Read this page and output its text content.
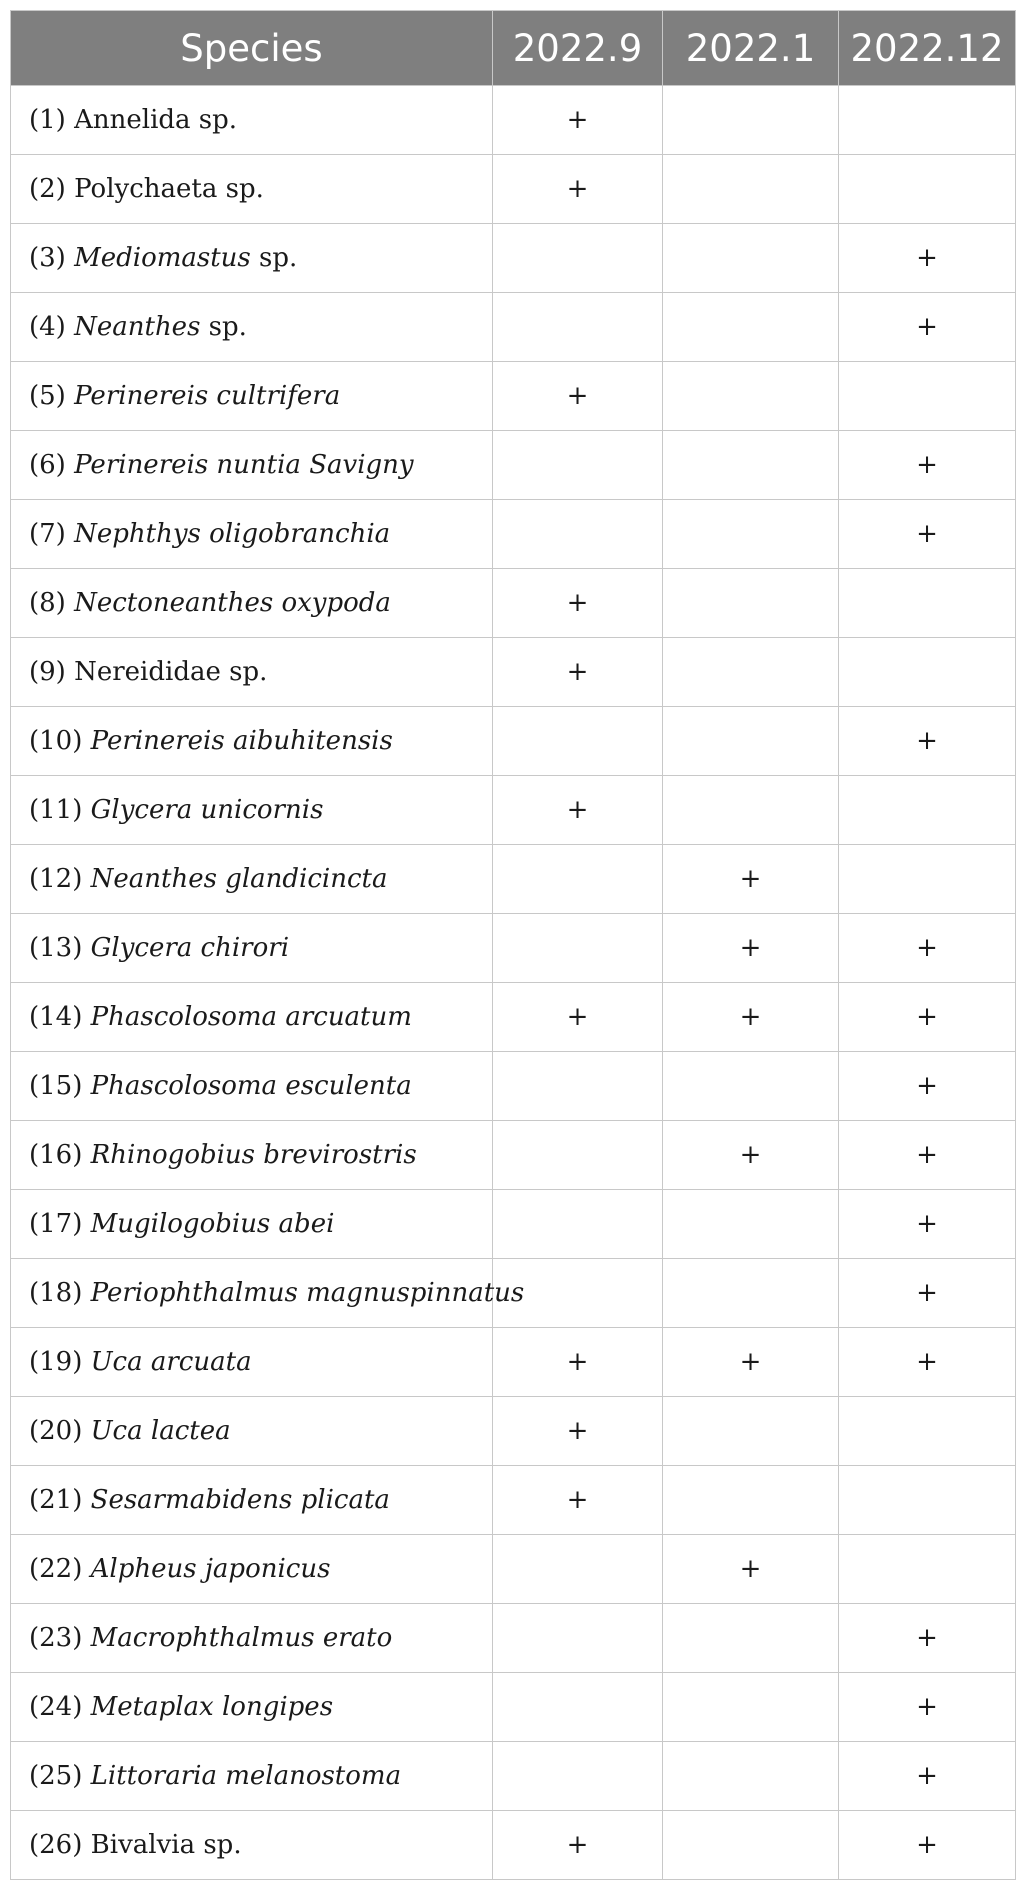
Species	2022.9	2022.1	2022.12
(1) Annelida sp.	+		
(2) Polychaeta sp.	+		
(3) Mediomastus sp.			+
(4) Neanthes sp.			+
(5) Perinereis cultrifera	+		
(6) Perinereis nuntia Savigny			+
(7) Nephthys oligobranchia			+
(8) Nectoneanthes oxypoda	+		
(9) Nereididae sp.	+		
(10) Perinereis aibuhitensis			+
(11) Glycera unicornis	+		
(12) Neanthes glandicincta		+	
(13) Glycera chirori		+	+
(14) Phascolosoma arcuatum	+	+	+
(15) Phascolosoma esculenta			+
(16) Rhinogobius brevirostris		+	+
(17) Mugilogobius abei			+
(18) Periophthalmus magnuspinnatus			+
(19) Uca arcuata	+	+	+
(20) Uca lactea	+		
(21) Sesarmabidens plicata	+		
(22) Alpheus japonicus		+	
(23) Macrophthalmus erato			+
(24) Metaplax longipes			+
(25) Littoraria melanostoma			+
(26) Bivalvia sp.	+		+
